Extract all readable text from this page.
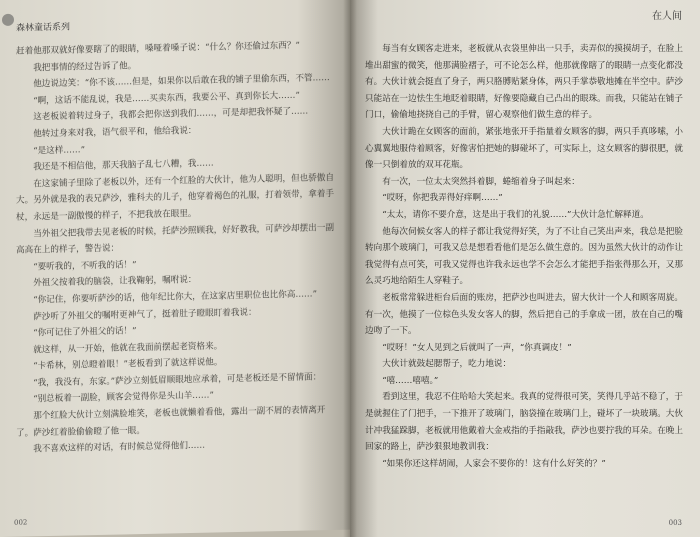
森林童话系列

赶着他那双就好像要瞎了的眼睛，嗓哑着嗓子说：“什么？你还偷过东西？”

我把事情的经过告诉了他。

他边说边笑：“你不该……但是，如果你以后敢在我的铺子里偷东西，不管……

“啊，这话不能乱说，我是……买卖东西，我要公平、真到你长大……”

这老板说着转过身子，我都会把你送到我们……，可是却把我怀疑了……

他转过身来对我，语气很平和，他给我说：

“是这样……”

我还是不相信他，那天我脑子乱七八糟，我……

在这家铺子里除了老板以外，还有一个红脸的大伙计，他为人聪明，但也骄傲自大。另外就是我的表兄萨沙，雅科夫的儿子，他穿着褐色的礼服，打着领带，拿着手杖，永远是一副傲慢的样子，不把我放在眼里。

当外祖父把我带去见老板的时候，托萨沙照顾我，好好教我，可萨沙却摆出一副高高在上的样子，警告说：

“要听我的，不听我的话！”

外祖父按着我的脑袋，让我鞠躬，嘱咐说：

“你记住，你要听萨沙的话，他年纪比你大，在这家店里职位也比你高……”

萨沙听了外祖父的嘱咐更神气了，挺着肚子瞪眼盯着我说：

“你可记住了外祖父的话！”

就这样，从一开始，他就在我面前摆起老资格来。

“卡希林，别总瞪着眼！”老板看到了就这样说他。

“我，我没有，东家。”萨沙立刻低眉顺眼地应承着，可是老板还是不留情面：

“别总板着一副脸，顾客会觉得你是头山羊……”

那个红脸大伙计立刻满脸堆笑，老板也就懒着看他，露出一副不屑的表情离开了。萨沙红着脸偷偷瞪了他一眼。

我不喜欢这样的对话，有时候总觉得他们……

002
在人间

每当有女顾客走进来，老板就从衣袋里伸出一只手，卖弄似的摸摸胡子，在脸上堆出甜蜜的微笑，他那满脸褶子，可不论怎么样，他那就像瞎了的眼睛一点变化都没有。大伙计就会挺直了身子，两只胳膊贴紧身体，两只手掌恭敬地摊在半空中。萨沙只能站在一边怯生生地眨着眼睛，好像要隐藏自己凸出的眼珠。而我，只能站在铺子门口，偷偷地挠挠自己的手臂，留心观察他们做生意的样子。

大伙计跪在女顾客的面前，紧张地张开手指量着女顾客的脚，两只手真哆嗦，小心翼翼地服侍着顾客，好像害怕把她的脚碰坏了，可实际上，这女顾客的脚很肥，就像一只倒着放的双耳花瓶。

有一次，一位太太突然抖着脚，蜷缩着身子叫起来：

“哎呀，你把我弄得好痒啊……”

“太太，请你不要介意，这是出于我们的礼貌……”大伙计急忙解释道。

他每次伺候女客人的样子都让我觉得好笑，为了不让自己笑出声来，我总是把脸转向那个玻璃门，可我又总是想看看他们是怎么做生意的。因为虽然大伙计的动作让我觉得有点可笑，可我又觉得也许我永远也学不会怎么才能把手指张得那么开，又那么灵巧地给陌生人穿鞋子。

老板常常躲进柜台后面的账房，把萨沙也叫进去，留大伙计一个人和顾客周旋。有一次，他摸了一位棕色头发女客人的脚，然后把自己的手拿成一团，放在自己的嘴边吻了一下。

“哎呀！”女人见到之后就叫了一声，“你真调皮！”

大伙计就鼓起腮帮子，吃力地说：

“嘻……嘻嘻。”

看到这里，我忍不住哈哈大笑起来。我真的觉得很可笑，笑得几乎站不稳了，于是就握住了门把手，一下推开了玻璃门，脑袋撞在玻璃门上，碰坏了一块玻璃。大伙计冲我猛跺脚，老板就用他戴着大金戒指的手指敲我，萨沙也要拧我的耳朵。在晚上回家的路上，萨沙狠狠地教训我：

“如果你还这样胡闹，人家会不要你的！这有什么好笑的？”

003
